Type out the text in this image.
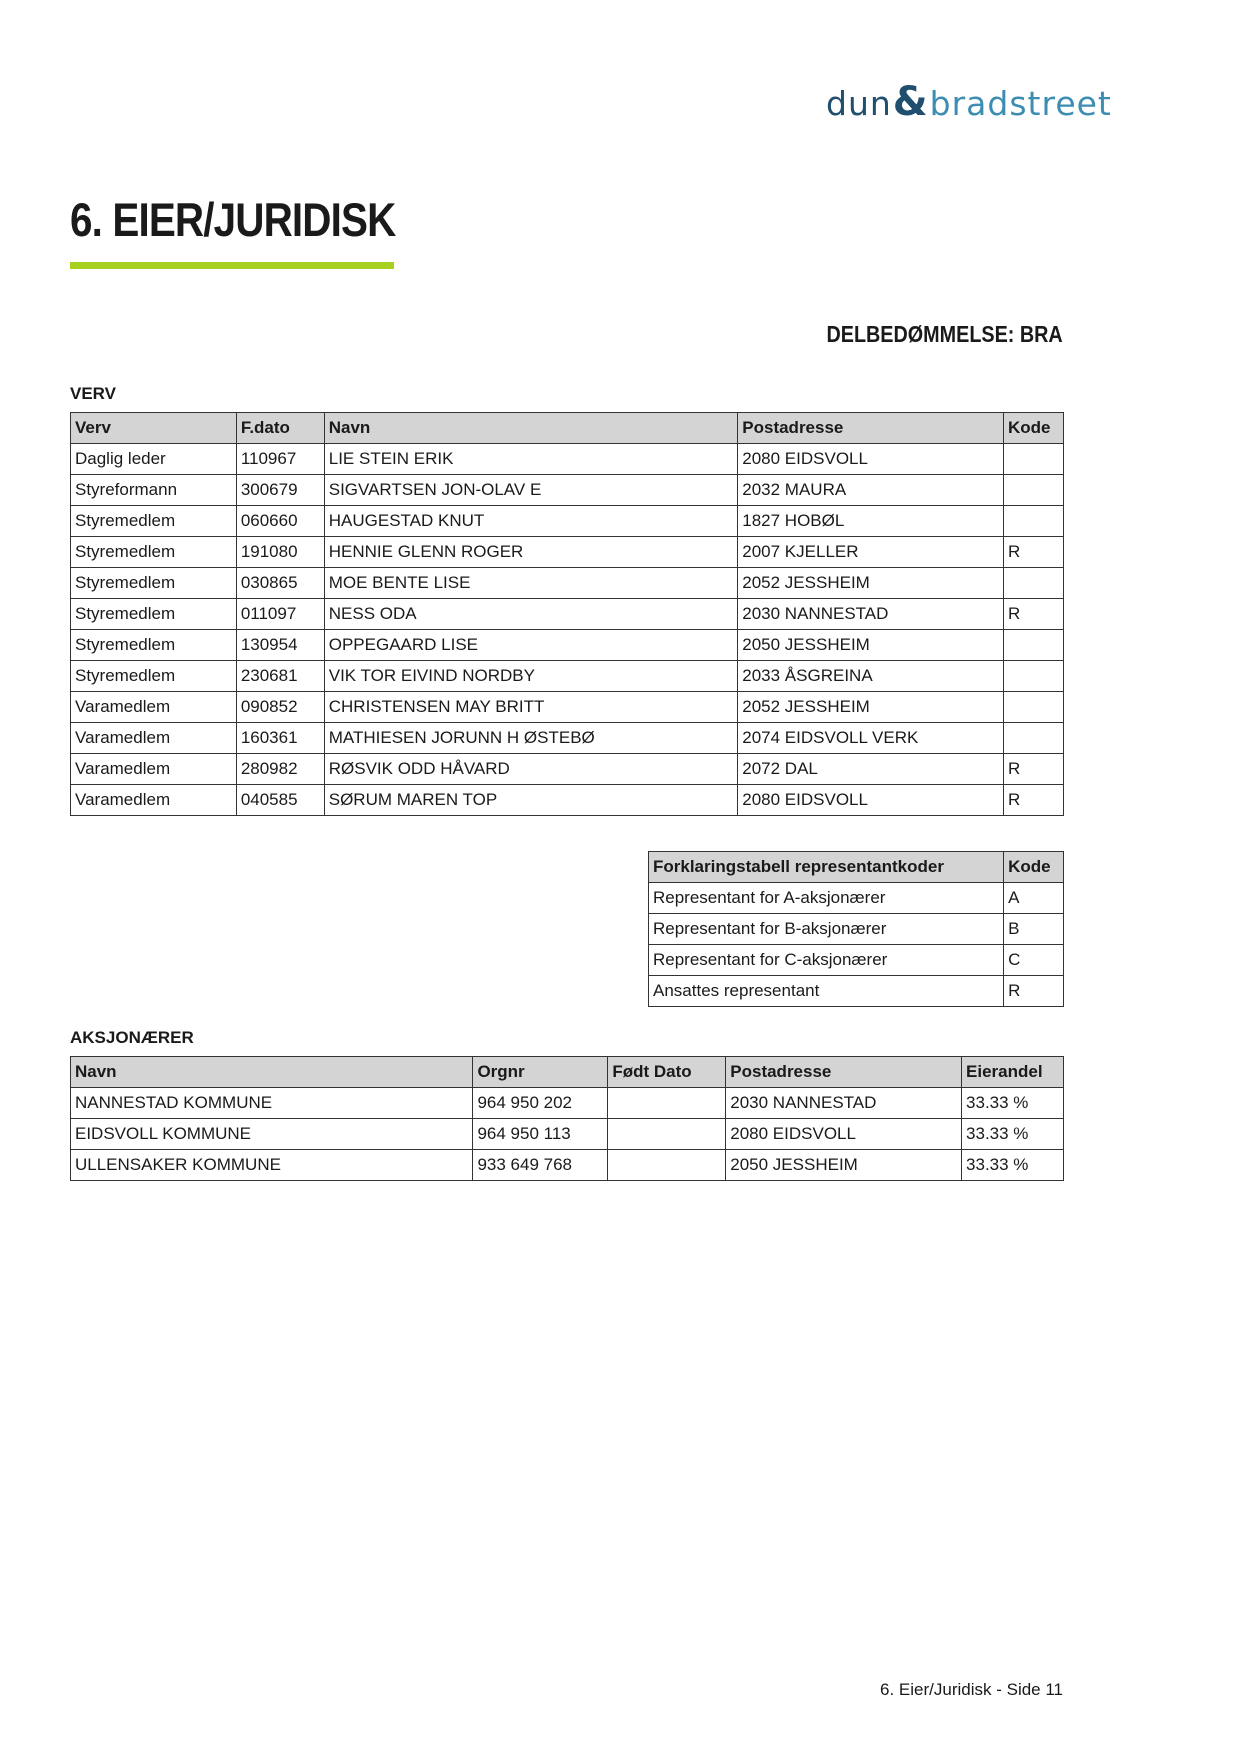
dun & bradstreet
6. EIER/JURIDISK
DELBEDØMMELSE: BRA
VERV
Verv	F.dato	Navn	Postadresse	Kode
Daglig leder	110967	LIE STEIN ERIK	2080 EIDSVOLL	
Styreformann	300679	SIGVARTSEN JON-OLAV E	2032 MAURA	
Styremedlem	060660	HAUGESTAD KNUT	1827 HOBØL	
Styremedlem	191080	HENNIE GLENN ROGER	2007 KJELLER	R
Styremedlem	030865	MOE BENTE LISE	2052 JESSHEIM	
Styremedlem	011097	NESS ODA	2030 NANNESTAD	R
Styremedlem	130954	OPPEGAARD LISE	2050 JESSHEIM	
Styremedlem	230681	VIK TOR EIVIND NORDBY	2033 ÅSGREINA	
Varamedlem	090852	CHRISTENSEN MAY BRITT	2052 JESSHEIM	
Varamedlem	160361	MATHIESEN JORUNN H ØSTEBØ	2074 EIDSVOLL VERK	
Varamedlem	280982	RØSVIK ODD HÅVARD	2072 DAL	R
Varamedlem	040585	SØRUM MAREN TOP	2080 EIDSVOLL	R
Forklaringstabell representantkoder	Kode
Representant for A-aksjonærer	A
Representant for B-aksjonærer	B
Representant for C-aksjonærer	C
Ansattes representant	R
AKSJONÆRER
Navn	Orgnr	Født Dato	Postadresse	Eierandel
NANNESTAD KOMMUNE	964 950 202		2030 NANNESTAD	33.33 %
EIDSVOLL KOMMUNE	964 950 113		2080 EIDSVOLL	33.33 %
ULLENSAKER KOMMUNE	933 649 768		2050 JESSHEIM	33.33 %
6. Eier/Juridisk - Side 11
